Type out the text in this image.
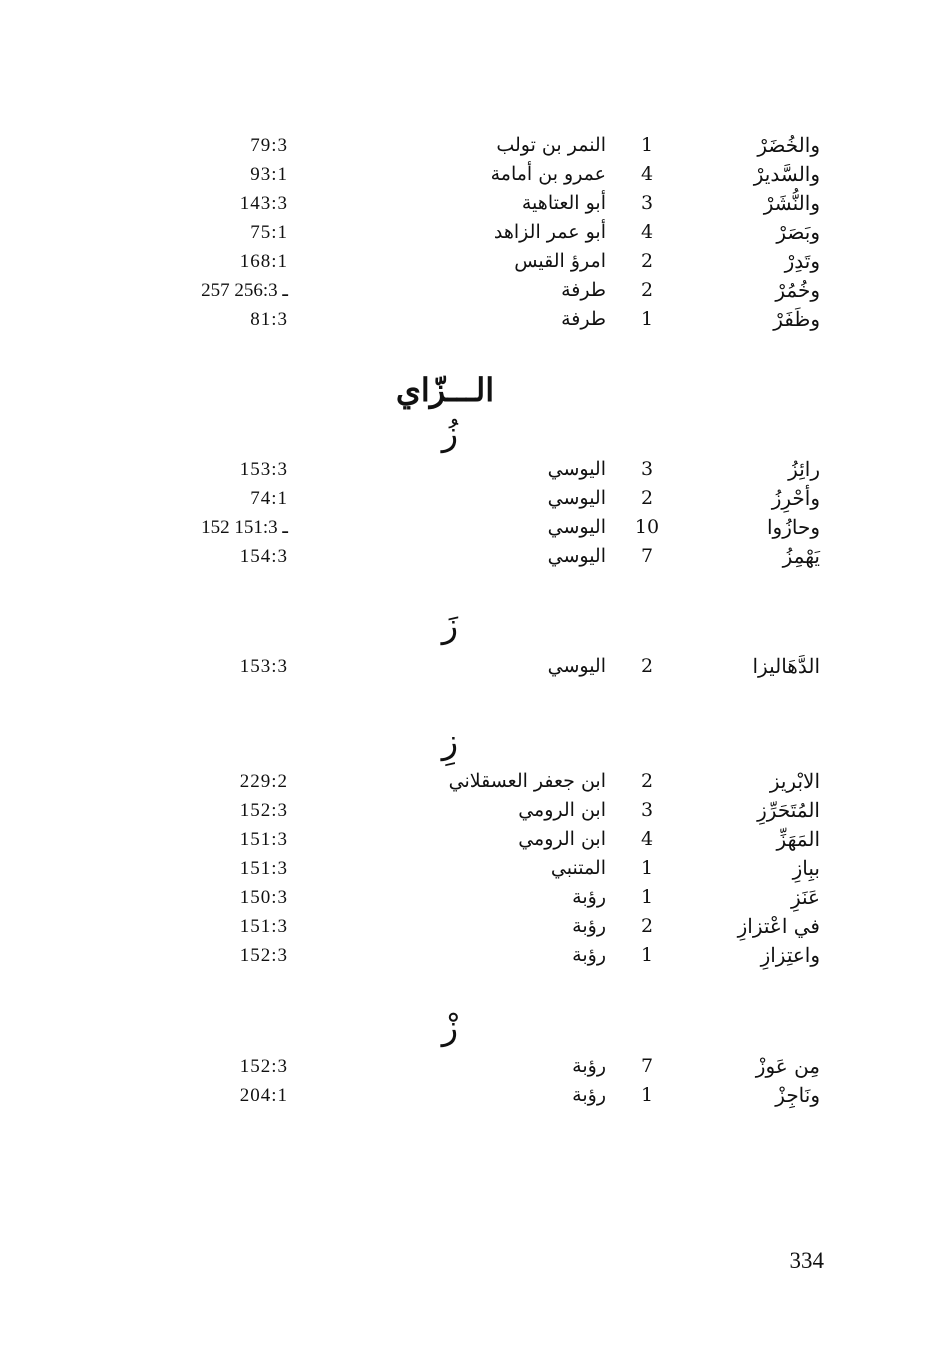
والخُضَرْ
1
النمر بن تولب
79:3
والسَّديرْ
4
عمرو بن أمامة
93:1
والنُّشَرْ
3
أبو العتاهية
143:3
وبَصَرْ
4
أبو عمر الزاهد
75:1
وتَدِرْ
2
امرؤ القيس
168:1
وخُمُرْ
2
طرفة
257 ـ 256:3
وظَفَرْ
1
طرفة
81:3
الـــزّاي
زُ
رائِزُ
3
اليوسي
153:3
وأحْرِزُ
2
اليوسي
74:1
وحازُوا
10
اليوسي
152 ـ 151:3
يَهْمِزُ
7
اليوسي
154:3
زَ
الدَّهَاليزا
2
اليوسي
153:3
زِ
الابْريز
2
ابن جعفر العسقلاني
229:2
المُتَحَرِّزِ
3
ابن الرومي
152:3
المَهَزِّ
4
ابن الرومي
151:3
ببِازِ
1
المتنبي
151:3
عَنَزِ
1
رؤبة
150:3
في اعْتزازِ
2
رؤبة
151:3
واعتِزازِ
1
رؤبة
152:3
زْ
مِن عَوزْ
7
رؤبة
152:3
ونَاجِزْ
1
رؤبة
204:1
334
